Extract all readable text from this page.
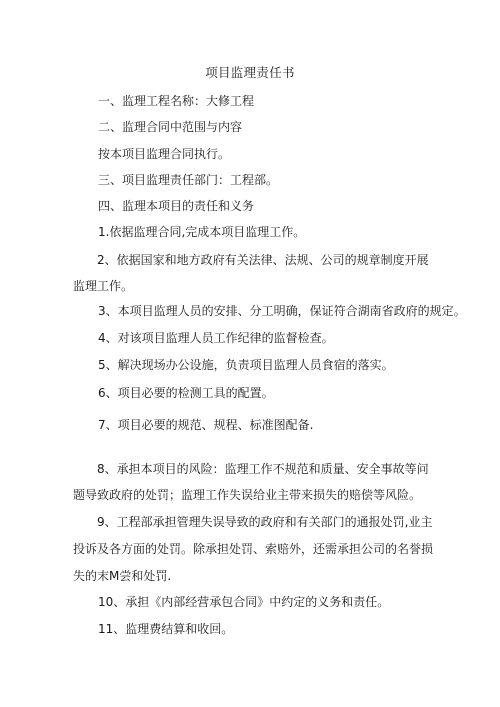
项目监理责任书
一、监理工程名称：大修工程
二、监理合同中范围与内容
按本项目监理合同执行。
三、项目监理责任部门：工程部。
四、监理本项目的责任和义务
1.依据监理合同,完成本项目监理工作。
2、依据国家和地方政府有关法律、法规、公司的规章制度开展监理工作。
3、本项目监理人员的安排、分工明确，保证符合湖南省政府的规定。
4、对该项目监理人员工作纪律的监督检查。
5、解决现场办公设施，负责项目监理人员食宿的落实。
6、项目必要的检测工具的配置。
7、项目必要的规范、规程、标准图配备.
8、承担本项目的风险：监理工作不规范和质量、安全事故等问题导致政府的处罚；监理工作失误给业主带来损失的赔偿等风险。
9、工程部承担管理失误导致的政府和有关部门的通报处罚,业主投诉及各方面的处罚。除承担处罚、索赔外，还需承担公司的名誉损失的末M尝和处罚.
10、承担《内部经营承包合同》中约定的义务和责任。
11、监理费结算和收回。
